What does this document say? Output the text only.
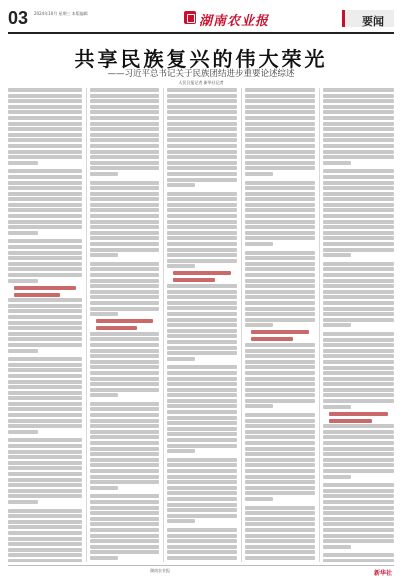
03 2024年10月 星期三 本版编辑
湖南农业报	要闻
共享民族复兴的伟大荣光
——习近平总书记关于民族团结进步重要论述综述
人民日报记者 新华社记者
湖南农业报	新华社
